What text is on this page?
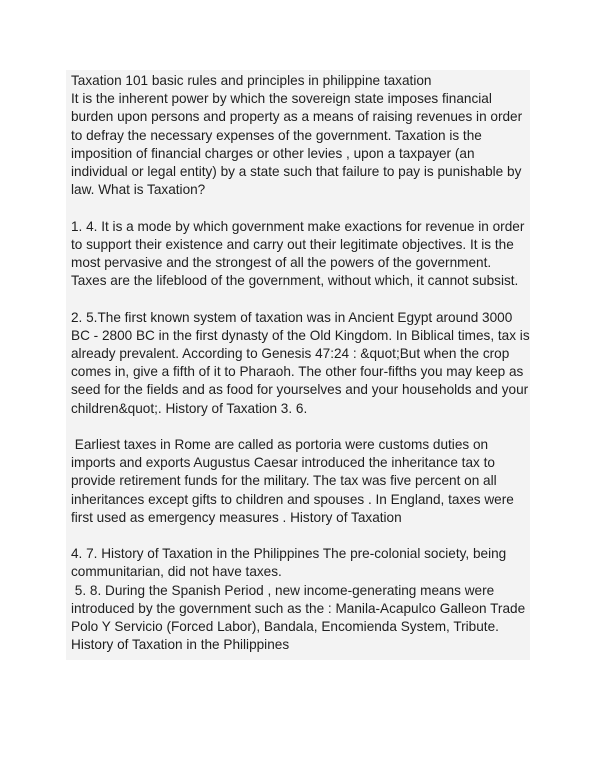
Taxation 101 basic rules and principles in philippine taxation
It is the inherent power by which the sovereign state imposes financial burden upon persons and property as a means of raising revenues in order to defray the necessary expenses of the government. Taxation is the imposition of financial charges or other levies , upon a taxpayer (an individual or legal entity) by a state such that failure to pay is punishable by law. What is Taxation?

1. 4. It is a mode by which government make exactions for revenue in order to support their existence and carry out their legitimate objectives. It is the most pervasive and the strongest of all the powers of the government. Taxes are the lifeblood of the government, without which, it cannot subsist.

2. 5.The first known system of taxation was in Ancient Egypt around 3000 BC - 2800 BC in the first dynasty of the Old Kingdom. In Biblical times, tax is already prevalent. According to Genesis 47:24 : &quot;But when the crop comes in, give a fifth of it to Pharaoh. The other four-fifths you may keep as seed for the fields and as food for yourselves and your households and your children&quot;. History of Taxation 3. 6.

Earliest taxes in Rome are called as portoria were customs duties on imports and exports Augustus Caesar introduced the inheritance tax to provide retirement funds for the military. The tax was five percent on all inheritances except gifts to children and spouses . In England, taxes were first used as emergency measures . History of Taxation

4. 7. History of Taxation in the Philippines The pre-colonial society, being communitarian, did not have taxes.
5. 8. During the Spanish Period , new income-generating means were introduced by the government such as the : Manila-Acapulco Galleon Trade Polo Y Servicio (Forced Labor), Bandala, Encomienda System, Tribute. History of Taxation in the Philippines
